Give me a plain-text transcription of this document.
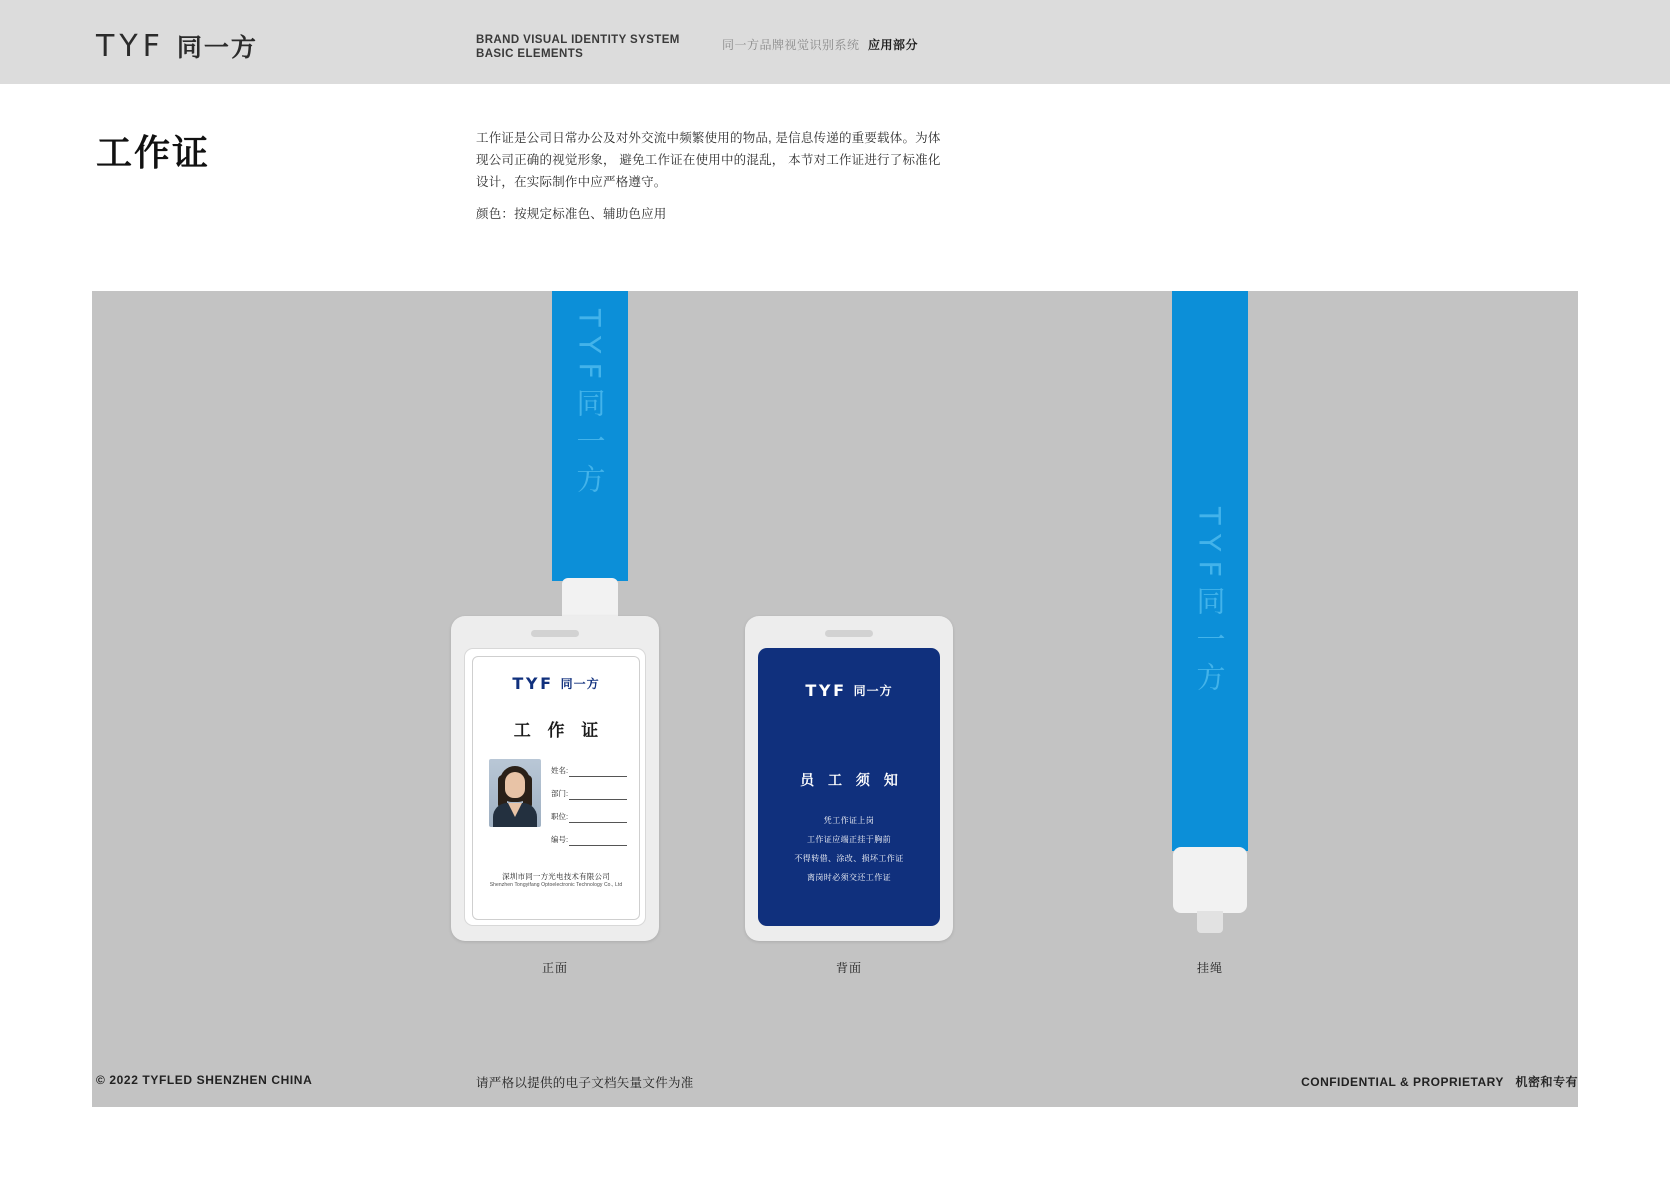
TYF 同一方	BRAND VISUAL IDENTITY SYSTEM
BASIC ELEMENTS
同一方品牌视觉识别系统 应用部分
工作证	工作证是公司日常办公及对外交流中频繁使用的物品, 是信息传递的重要载体。为体现公司正确的视觉形象， 避免工作证在使用中的混乱， 本节对工作证进行了标准化设计，在实际制作中应严格遵守。
颜色：按规定标准色、辅助色应用
TYF同一方
TYF 同一方
工 作 证
姓名:
部门:
职位:
编号:
深圳市同一方光电技术有限公司
Shenzhen Tongyifang Optoelectronic Technology Co., Ltd
TYF 同一方
员 工 须 知
凭工作证上岗
工作证应端正挂于胸前
不得转借、涂改、损坏工作证
离岗时必须交还工作证
TYF同一方
正面	背面	挂绳
© 2022 TYFLED SHENZHEN CHINA	请严格以提供的电子文档矢量文件为准	CONFIDENTIAL & PROPRIETARY 机密和专有
